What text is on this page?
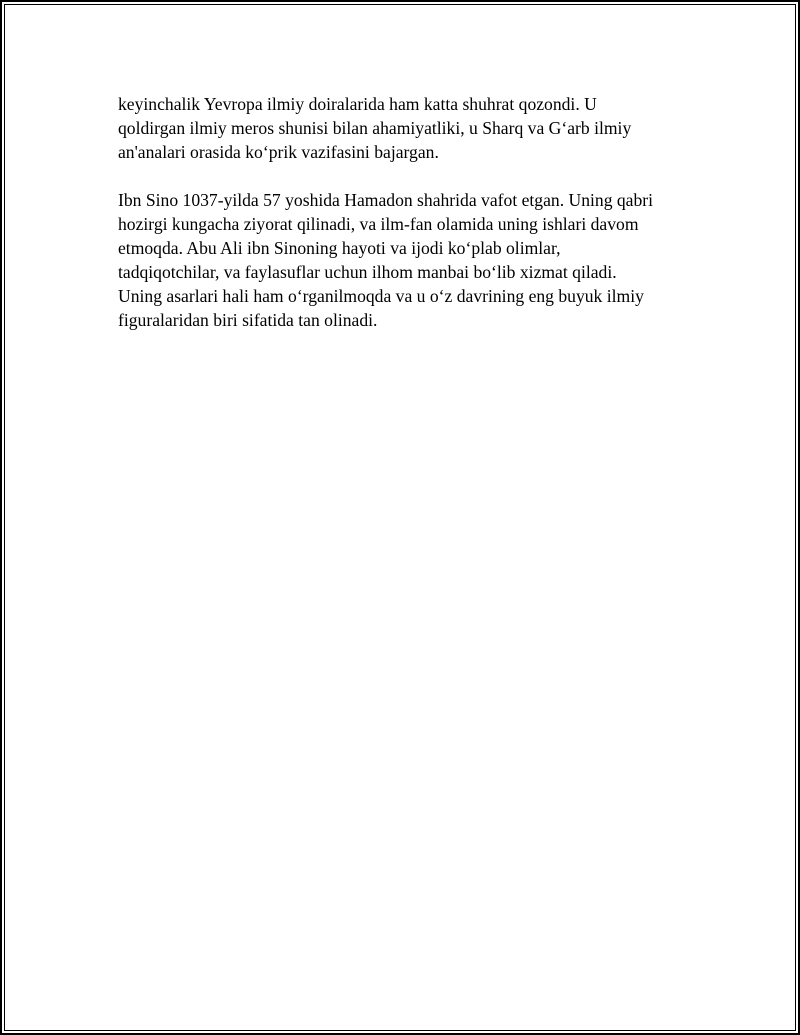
keyinchalik Yevropa ilmiy doiralarida ham katta shuhrat qozondi. U
qoldirgan ilmiy meros shunisi bilan ahamiyatliki, u Sharq va G‘arb ilmiy
an'analari orasida ko‘prik vazifasini bajargan.

Ibn Sino 1037-yilda 57 yoshida Hamadon shahrida vafot etgan. Uning qabri
hozirgi kungacha ziyorat qilinadi, va ilm-fan olamida uning ishlari davom
etmoqda. Abu Ali ibn Sinoning hayoti va ijodi ko‘plab olimlar,
tadqiqotchilar, va faylasuflar uchun ilhom manbai bo‘lib xizmat qiladi.
Uning asarlari hali ham o‘rganilmoqda va u o‘z davrining eng buyuk ilmiy
figuralaridan biri sifatida tan olinadi.
